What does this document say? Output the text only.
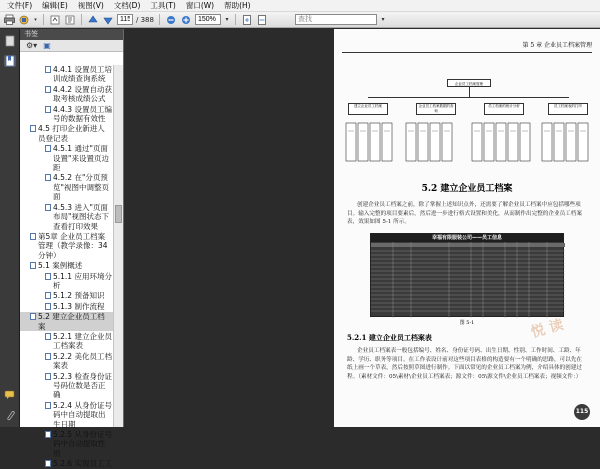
文件(F)	编辑(E)	视图(V)	文档(D)	工具(T)	窗口(W)	帮助(H)
▾
115	/ 388
150%	▾
查找	▾
书签
⚙▾ ▣
4.4.1 设置员工培训成绩查询系统
4.4.2 设置自动获取考核成绩公式
4.4.3 设置员工编号的数据有效性
4.5 打印企业新进人员登记表
4.5.1 通过"页面设置"来设置页边距
4.5.2 在"分页预览"视图中调整页面
4.5.3 进入"页面布局"视图状态下查看打印效果
第5章 企业员工档案管理（教学录像：34分钟）
5.1 案例概述
5.1.1 应用环境分析
5.1.2 预备知识
5.1.3 制作流程
5.2 建立企业员工档案
5.2.1 建立企业员工档案表
5.2.2 美化员工档案表
5.2.3 检查身份证号码位数是否正确
5.2.4 从身份证号码中自动提取出生日期
5.2.5 从身份证号码中自动提取性别
5.2.6 实现员工工
第 5 章 企业员工档案管理
企业员工档案管理
建立企业员工档案	企业员工档案数据的查询
员工档案的统计分析	员工档案表的打印
5.2 建立企业员工档案
创建企业员工档案之前，除了掌握上述知识点外，还需要了解企业员工档案中应包括哪些项目。输入完整的项目要素后，然后进一步进行格式设置和美化，从而制作出完整的企业员工档案表，效果如图 5-1 所示。
幸福有限服装公司——员工信息
图 5-1
5.2.1 建立企业员工档案表
企业员工档案表一般包括编号、姓名、身份证号码、出生日期、性别、工作时间、工龄、年龄、学历、职务等项目。在工作表设计前对这些项目表格的构造要有一个明确的思路，可以先在纸上画一个草表，然后按照草图进行制作。下面以常见的企业员工档案为例，介绍具体的创建过程。（素材文件：05\素材\企业员工档案表；源文件：05\源文件\企业员工档案表；视频文件：）
悦 读
115
